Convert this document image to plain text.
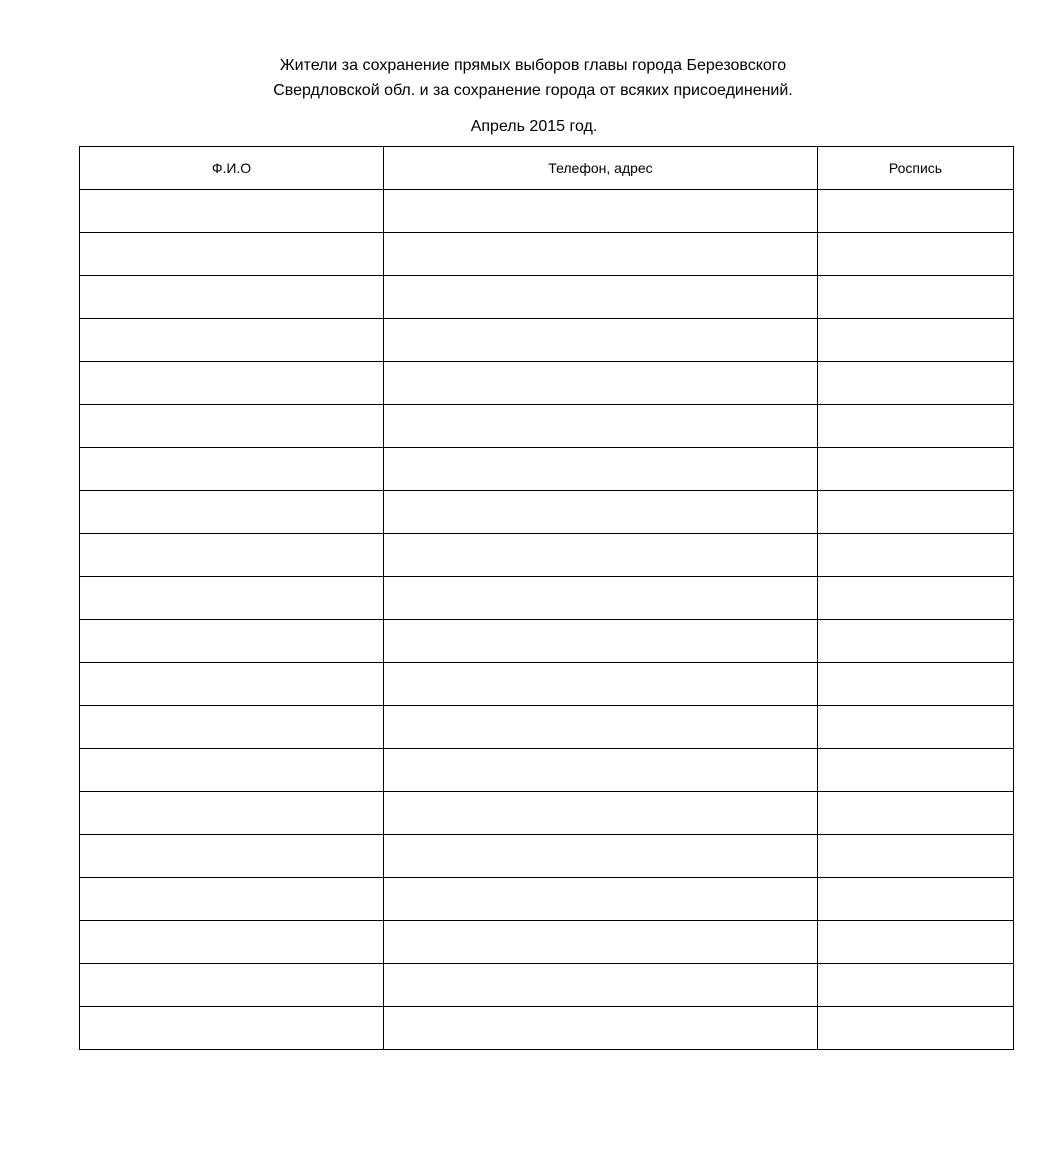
Жители за сохранение прямых выборов главы города Березовского
Свердловской обл. и за сохранение города от всяких присоединений.
Апрель 2015 год.
Ф.И.О	Телефон, адрес	Роспись
